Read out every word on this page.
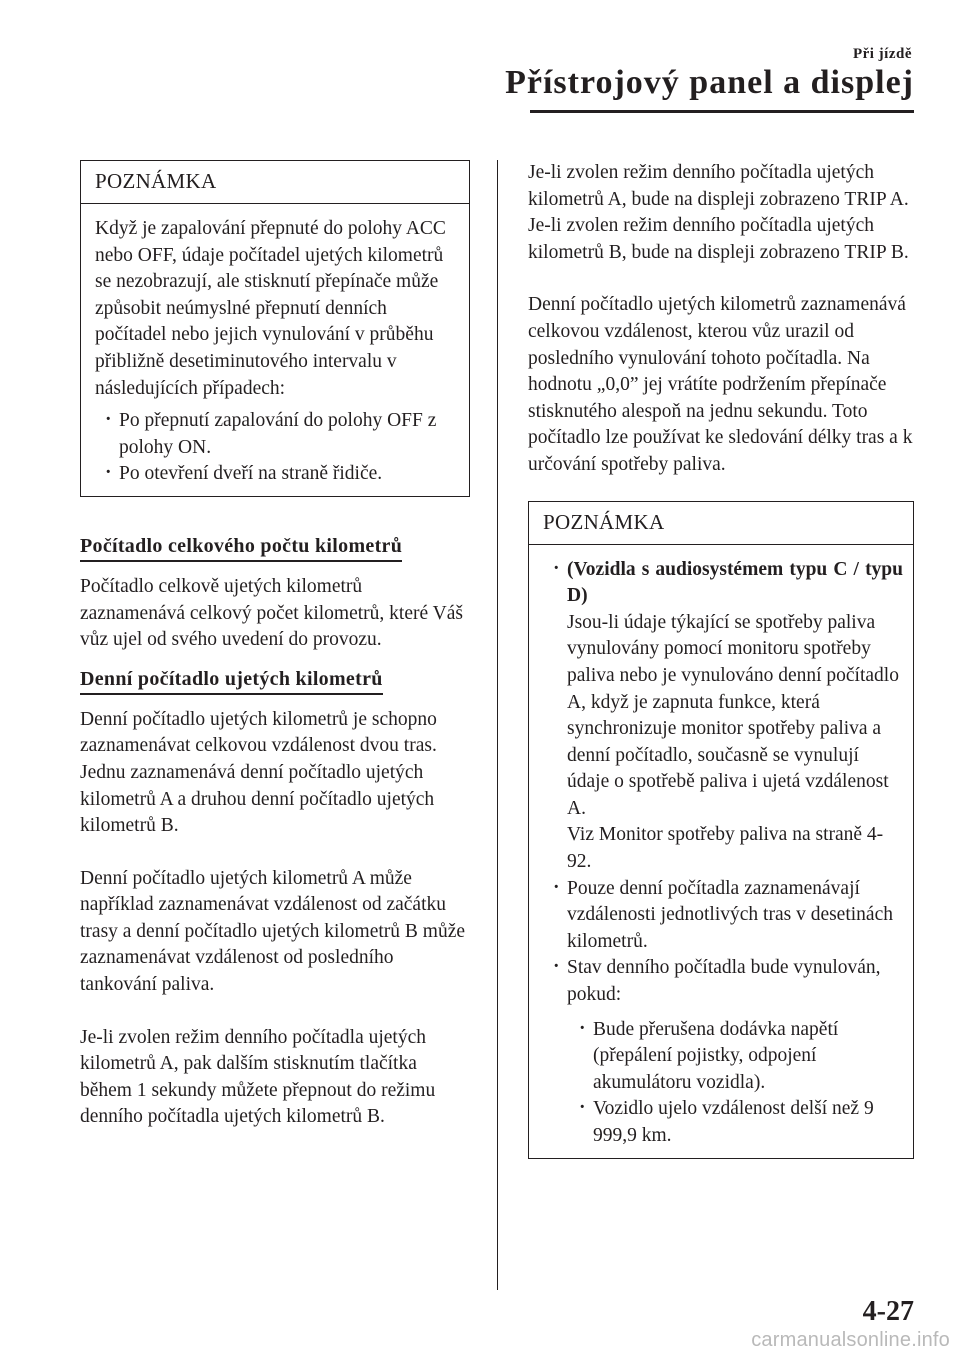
Při jízdě
Přístrojový panel a displej
POZNÁMKA

Když je zapalování přepnuté do polohy ACC nebo OFF, údaje počítadel ujetých kilometrů se nezobrazují, ale stisknutí přepínače může způsobit neúmyslné přepnutí denních počítadel nebo jejich vynulování v průběhu přibližně desetiminutového intervalu v následujících případech:

· Po přepnutí zapalování do polohy OFF z polohy ON.
· Po otevření dveří na straně řidiče.
Počítadlo celkového počtu kilometrů

Počítadlo celkově ujetých kilometrů zaznamenává celkový počet kilometrů, které Váš vůz ujel od svého uvedení do provozu.

Denní počítadlo ujetých kilometrů

Denní počítadlo ujetých kilometrů je schopno zaznamenávat celkovou vzdálenost dvou tras. Jednu zaznamenává denní počítadlo ujetých kilometrů A a druhou denní počítadlo ujetých kilometrů B.

Denní počítadlo ujetých kilometrů A může například zaznamenávat vzdálenost od začátku trasy a denní počítadlo ujetých kilometrů B může zaznamenávat vzdálenost od posledního tankování paliva.

Je-li zvolen režim denního počítadla ujetých kilometrů A, pak dalším stisknutím tlačítka během 1 sekundy můžete přepnout do režimu denního počítadla ujetých kilometrů B.

Je-li zvolen režim denního počítadla ujetých kilometrů A, bude na displeji zobrazeno TRIP A. Je-li zvolen režim denního počítadla ujetých kilometrů B, bude na displeji zobrazeno TRIP B.

Denní počítadlo ujetých kilometrů zaznamenává celkovou vzdálenost, kterou vůz urazil od posledního vynulování tohoto počítadla. Na hodnotu „0,0” jej vrátíte podržením přepínače stisknutého alespoň na jednu sekundu. Toto počítadlo lze používat ke sledování délky tras a k určování spotřeby paliva.

POZNÁMKA
· (Vozidla s audiosystémem typu C / typu D)
Jsou-li údaje týkající se spotřeby paliva vynulovány pomocí monitoru spotřeby paliva nebo je vynulováno denní počítadlo A, když je zapnuta funkce, která synchronizuje monitor spotřeby paliva a denní počítadlo, současně se vynulují údaje o spotřebě paliva i ujetá vzdálenost A.
Viz Monitor spotřeby paliva na straně 4-92.
· Pouze denní počítadla zaznamenávají vzdálenosti jednotlivých tras v desetinách kilometrů.
· Stav denního počítadla bude vynulován, pokud:
· Bude přerušena dodávka napětí (přepálení pojistky, odpojení akumulátoru vozidla).
· Vozidlo ujelo vzdálenost delší než 9 999,9 km.
4-27
carmanualsonline.info
